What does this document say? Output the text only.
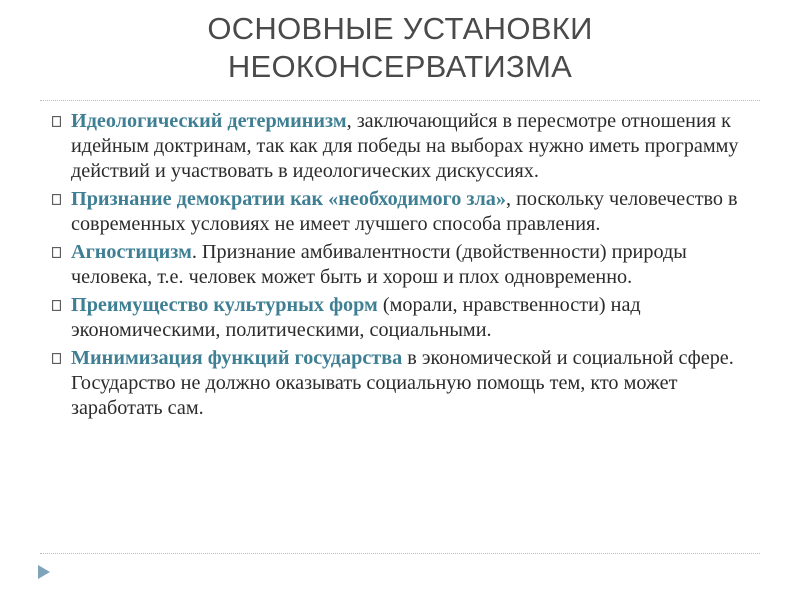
ОСНОВНЫЕ УСТАНОВКИ
НЕОКОНСЕРВАТИЗМА
Идеологический детерминизм, заключающийся в пересмотре отношения к идейным доктринам, так как для победы на выборах нужно иметь программу действий и участвовать в идеологических дискуссиях.
Признание демократии как «необходимого зла», поскольку человечество в современных условиях не имеет лучшего способа правления.
Агностицизм. Признание амбивалентности (двойственности) природы человека, т.е. человек может быть и хорош и плох одновременно.
Преимущество культурных форм (морали, нравственности) над экономическими, политическими, социальными.
Минимизация функций государства в экономической и социальной сфере. Государство не должно оказывать социальную помощь тем, кто может заработать сам.
